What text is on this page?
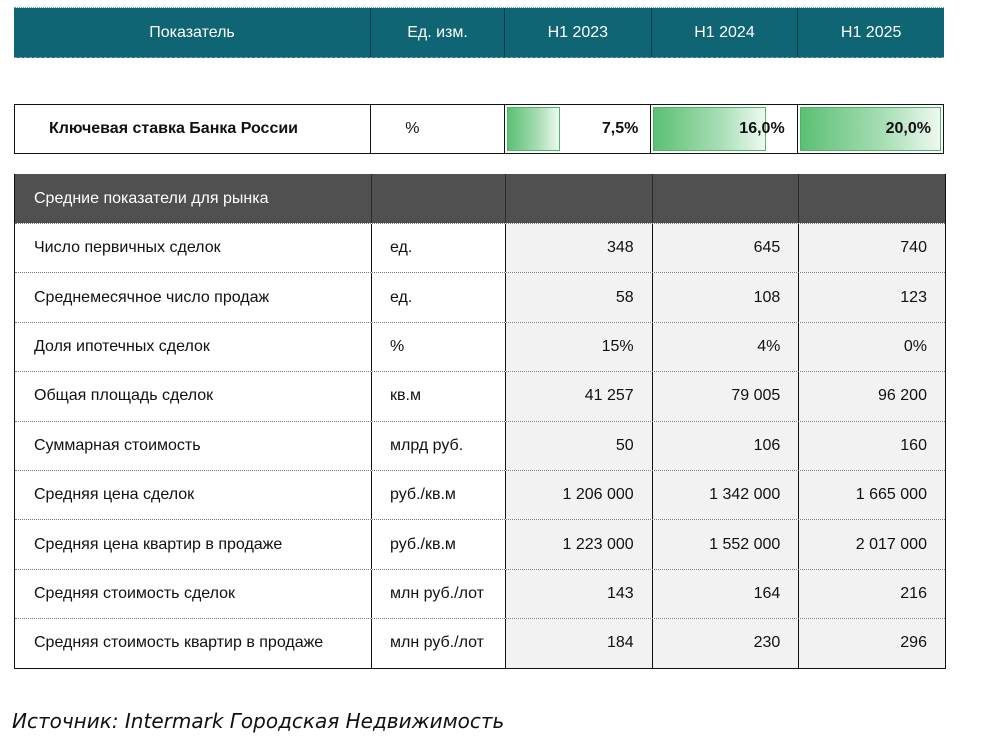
Показатель	Ед. изм.	H1 2023	H1 2024	H1 2025
Ключевая ставка Банка России	%	7,5%	16,0%	20,0%
Средние показатели для рынка
Число первичных сделок	ед.	348	645	740
Среднемесячное число продаж	ед.	58	108	123
Доля ипотечных сделок	%	15%	4%	0%
Общая площадь сделок	кв.м	41 257	79 005	96 200
Суммарная стоимость	млрд руб.	50	106	160
Средняя цена сделок	руб./кв.м	1 206 000	1 342 000	1 665 000
Средняя цена квартир в продаже	руб./кв.м	1 223 000	1 552 000	2 017 000
Средняя стоимость сделок	млн руб./лот	143	164	216
Средняя стоимость квартир в продаже	млн руб./лот	184	230	296
Источник: Intermark Городская Недвижимость
